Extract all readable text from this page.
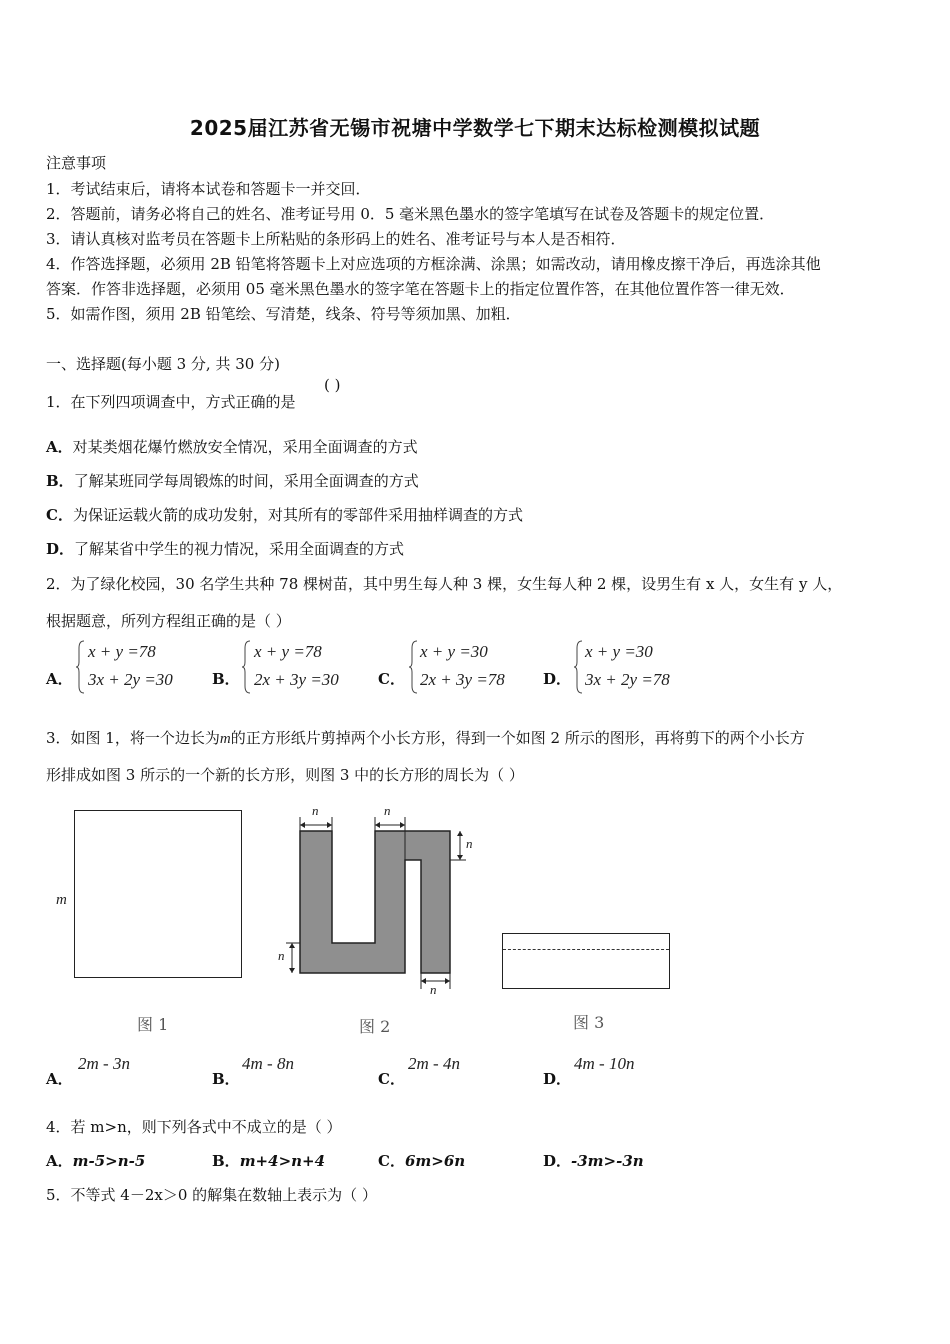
2025届江苏省无锡市祝塘中学数学七下期末达标检测模拟试题
注意事项
1．考试结束后，请将本试卷和答题卡一并交回．
2．答题前，请务必将自己的姓名、准考证号用 0．5 毫米黑色墨水的签字笔填写在试卷及答题卡的规定位置．
3．请认真核对监考员在答题卡上所粘贴的条形码上的姓名、准考证号与本人是否相符．
4．作答选择题，必须用 2B 铅笔将答题卡上对应选项的方框涂满、涂黑；如需改动，请用橡皮擦干净后，再选涂其他
答案．作答非选择题，必须用 05 毫米黑色墨水的签字笔在答题卡上的指定位置作答，在其他位置作答一律无效．
5．如需作图，须用 2B 铅笔绘、写清楚，线条、符号等须加黑、加粗．
一、选择题(每小题 3 分, 共 30 分)
1．在下列四项调查中，方式正确的是
( )
A．对某类烟花爆竹燃放安全情况，采用全面调查的方式
B．了解某班同学每周锻炼的时间，采用全面调查的方式
C．为保证运载火箭的成功发射，对其所有的零部件采用抽样调查的方式
D．了解某省中学生的视力情况，采用全面调查的方式
2．为了绿化校园，30 名学生共种 78 棵树苗，其中男生每人种 3 棵，女生每人种 2 棵，设男生有 x 人，女生有 y 人，
根据题意，所列方程组正确的是（ ）
A．
x + y =78
3x + 2y =30	B．
x + y =78
2x + 3y =30	C．
x + y =30
2x + 3y =78	D．
x + y =30
3x + 2y =78
3．如图 1，将一个边长为m的正方形纸片剪掉两个小长方形，得到一个如图 2 所示的图形，再将剪下的两个小长方
形排成如图 3 所示的一个新的长方形，则图 3 中的长方形的周长为（ ）
m
n	n
n
n
n
图 1	图 2	图 3
A．
2m - 3n
B．
4m - 8n
C．
2m - 4n
D．
4m - 10n
4．若 m>n，则下列各式中不成立的是（ ）
A．m-5>n-5	B．m+4>n+4	C．6m>6n	D．-3m>-3n
5．不等式 4－2x＞0 的解集在数轴上表示为（ ）
